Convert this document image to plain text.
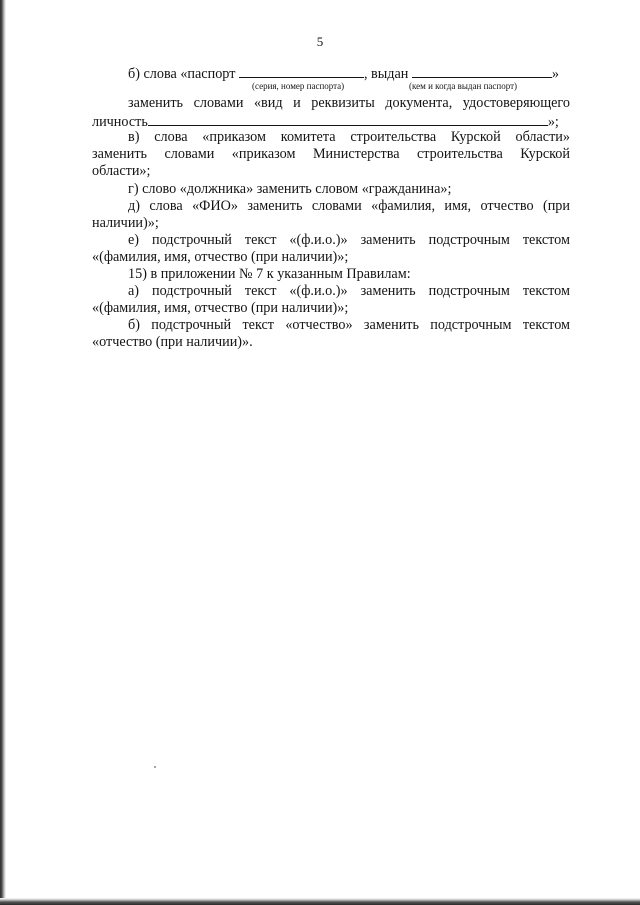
5
б) слова «паспорт	, выдан	»
(серия, номер паспорта)	(кем и когда выдан паспорт)
заменить словами «вид и реквизиты документа, удостоверяющего
личность	»;
в) слова «приказом комитета строительства Курской области»
заменить словами «приказом Министерства строительства Курской
области»;
г) слово «должника» заменить словом «гражданина»;
д) слова «ФИО» заменить словами «фамилия, имя, отчество (при
наличии)»;
е) подстрочный текст «(ф.и.о.)» заменить подстрочным текстом
«(фамилия, имя, отчество (при наличии)»;
15) в приложении № 7 к указанным Правилам:
а) подстрочный текст «(ф.и.о.)» заменить подстрочным текстом
«(фамилия, имя, отчество (при наличии)»;
б) подстрочный текст «отчество» заменить подстрочным текстом
«отчество (при наличии)».
